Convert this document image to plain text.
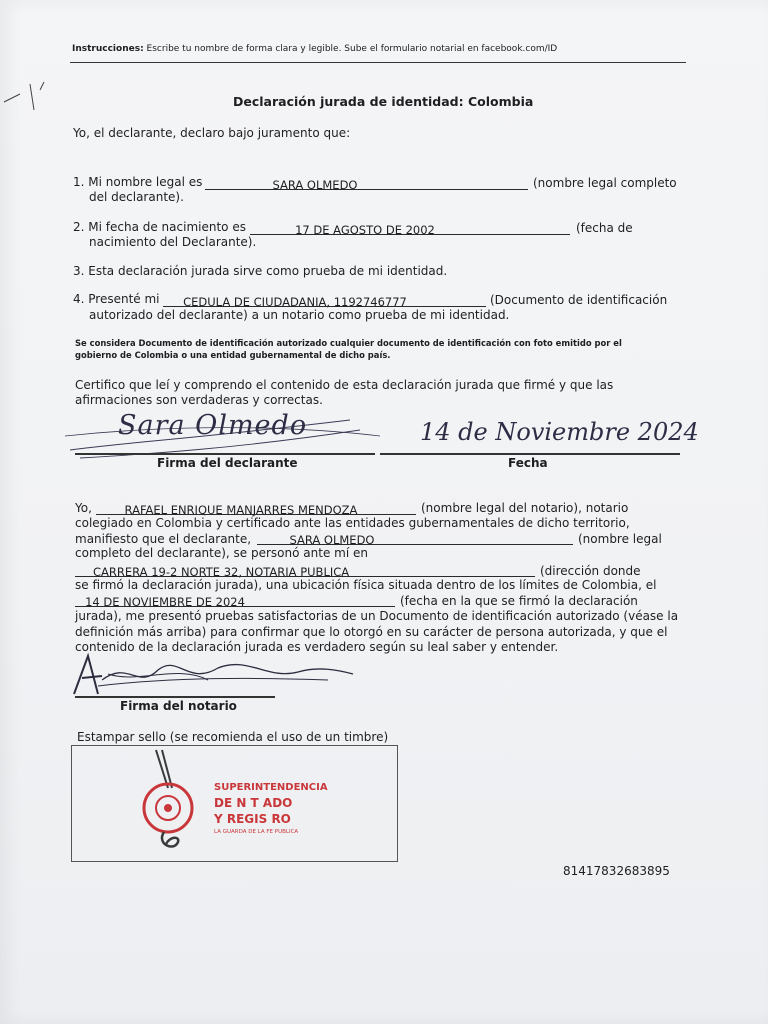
Instrucciones: Escribe tu nombre de forma clara y legible. Sube el formulario notarial en facebook.com/ID
Declaración jurada de identidad: Colombia
Yo, el declarante, declaro bajo juramento que:
1. Mi nombre legal es	SARA OLMEDO	(nombre legal completo
del declarante).
2. Mi fecha de nacimiento es	17 DE AGOSTO DE 2002	(fecha de
nacimiento del Declarante).
3. Esta declaración jurada sirve como prueba de mi identidad.
4. Presenté mi	CEDULA DE CIUDADANIA, 1192746777	(Documento de identificación
autorizado del declarante) a un notario como prueba de mi identidad.
Se considera Documento de identificación autorizado cualquier documento de identificación con foto emitido por el
gobierno de Colombia o una entidad gubernamental de dicho país.
Certifico que leí y comprendo el contenido de esta declaración jurada que firmé y que las
afirmaciones son verdaderas y correctas.
Sara Olmedo	14 de Noviembre 2024
Firma del declarante	Fecha
Yo,	RAFAEL ENRIQUE MANJARRES MENDOZA	(nombre legal del notario), notario
colegiado en Colombia y certificado ante las entidades gubernamentales de dicho territorio,
manifiesto que el declarante,	SARA OLMEDO	(nombre legal
completo del declarante), se personó ante mí en
CARRERA 19-2 NORTE 32, NOTARIA PUBLICA	(dirección donde
se firmó la declaración jurada), una ubicación física situada dentro de los límites de Colombia, el
14 DE NOVIEMBRE DE 2024	(fecha en la que se firmó la declaración
jurada), me presentó pruebas satisfactorias de un Documento de identificación autorizado (véase la
definición más arriba) para confirmar que lo otorgó en su carácter de persona autorizada, y que el
contenido de la declaración jurada es verdadero según su leal saber y entender.
Firma del notario
Estampar sello (se recomienda el uso de un timbre)
SUPERINTENDENCIA
DE N T ADO
Y REGIS RO
LA GUARDA DE LA FE PUBLICA
81417832683895
